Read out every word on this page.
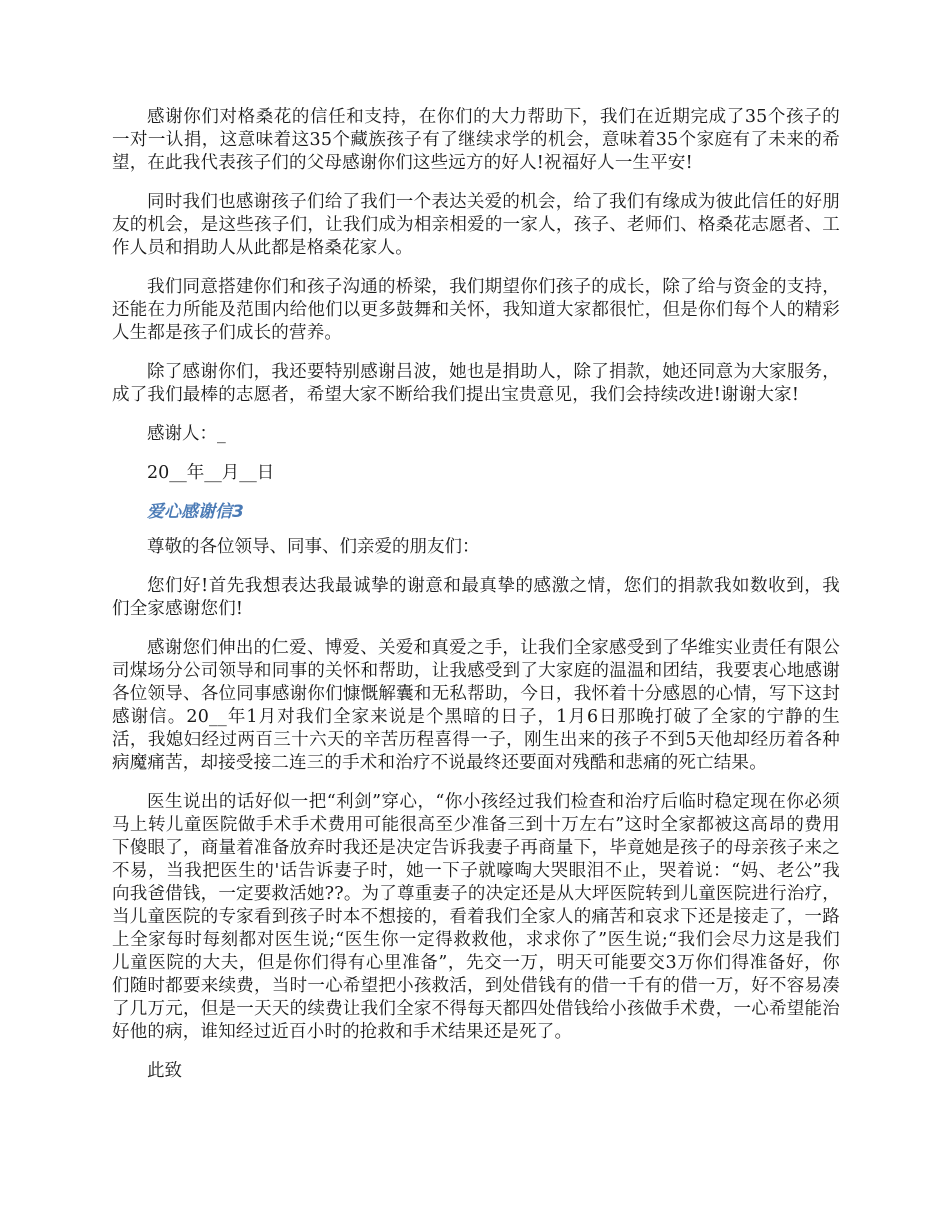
感谢你们对格桑花的信任和支持，在你们的大力帮助下，我们在近期完成了35个孩子的一对一认捐，这意味着这35个藏族孩子有了继续求学的机会，意味着35个家庭有了未来的希望，在此我代表孩子们的父母感谢你们这些远方的好人!祝福好人一生平安!

同时我们也感谢孩子们给了我们一个表达关爱的机会，给了我们有缘成为彼此信任的好朋友的机会，是这些孩子们，让我们成为相亲相爱的一家人，孩子、老师们、格桑花志愿者、工作人员和捐助人从此都是格桑花家人。

我们同意搭建你们和孩子沟通的桥梁，我们期望你们孩子的成长，除了给与资金的支持，还能在力所能及范围内给他们以更多鼓舞和关怀，我知道大家都很忙，但是你们每个人的精彩人生都是孩子们成长的营养。

除了感谢你们，我还要特别感谢吕波，她也是捐助人，除了捐款，她还同意为大家服务，成了我们最棒的志愿者，希望大家不断给我们提出宝贵意见，我们会持续改进!谢谢大家!

感谢人：_

20__年__月__日

爱心感谢信3

尊敬的各位领导、同事、们亲爱的朋友们：

您们好!首先我想表达我最诚挚的谢意和最真挚的感激之情，您们的捐款我如数收到，我们全家感谢您们!

感谢您们伸出的仁爱、博爱、关爱和真爱之手，让我们全家感受到了华维实业责任有限公司煤场分公司领导和同事的关怀和帮助，让我感受到了大家庭的温温和团结，我要衷心地感谢各位领导、各位同事感谢你们慷慨解囊和无私帮助，今日，我怀着十分感恩的心情，写下这封感谢信。20__年1月对我们全家来说是个黑暗的日子，1月6日那晚打破了全家的宁静的生活，我媳妇经过两百三十六天的辛苦历程喜得一子，刚生出来的孩子不到5天他却经历着各种病魔痛苦，却接受接二连三的手术和治疗不说最终还要面对残酷和悲痛的死亡结果。

医生说出的话好似一把“利剑”穿心，“你小孩经过我们检查和治疗后临时稳定现在你必须马上转儿童医院做手术手术费用可能很高至少准备三到十万左右”这时全家都被这高昂的费用下傻眼了，商量着准备放弃时我还是决定告诉我妻子再商量下，毕竟她是孩子的母亲孩子来之不易，当我把医生的'话告诉妻子时，她一下子就嚎啕大哭眼泪不止，哭着说：“妈、老公”我向我爸借钱，一定要救活她??。为了尊重妻子的决定还是从大坪医院转到儿童医院进行治疗，当儿童医院的专家看到孩子时本不想接的，看着我们全家人的痛苦和哀求下还是接走了，一路上全家每时每刻都对医生说;“医生你一定得救救他，求求你了”医生说;“我们会尽力这是我们儿童医院的大夫，但是你们得有心里准备”，先交一万，明天可能要交3万你们得准备好，你们随时都要来续费，当时一心希望把小孩救活，到处借钱有的借一千有的借一万，好不容易凑了几万元，但是一天天的续费让我们全家不得每天都四处借钱给小孩做手术费，一心希望能治好他的病，谁知经过近百小时的抢救和手术结果还是死了。

此致
